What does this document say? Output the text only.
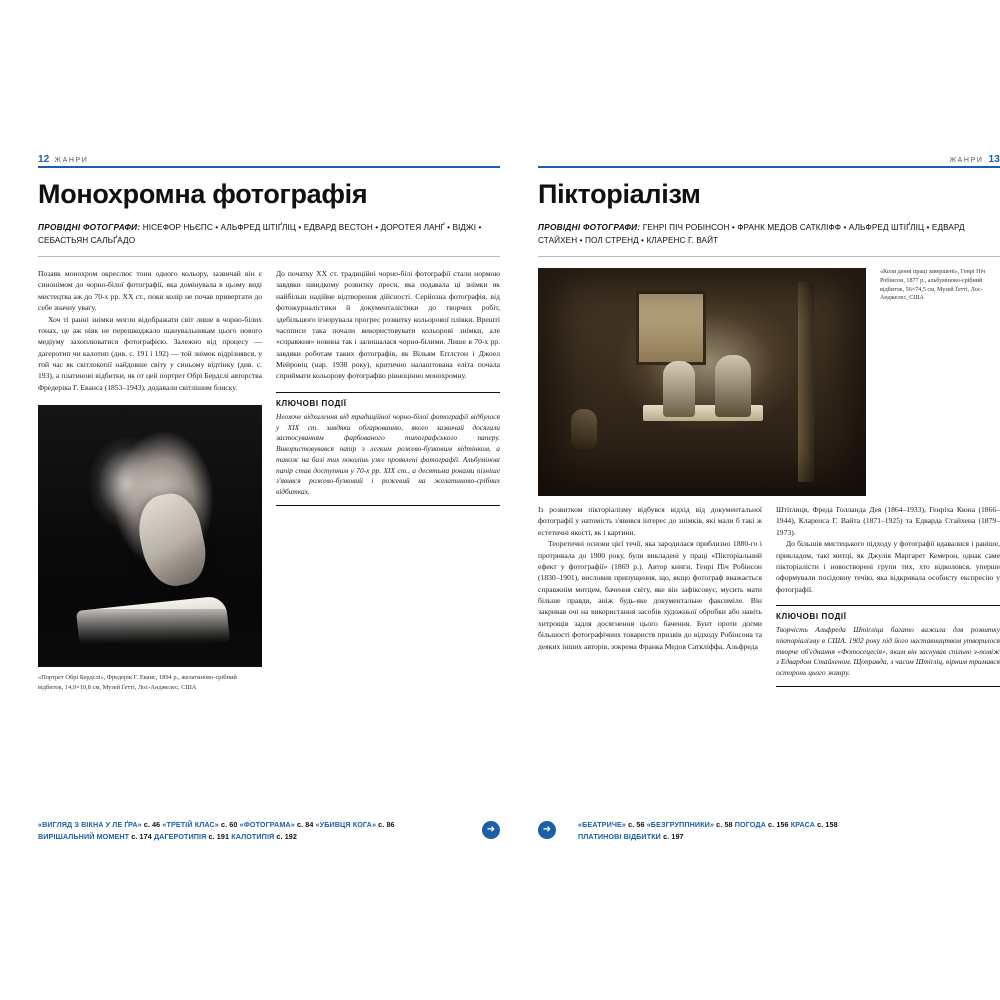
12 ЖАНРИ
Монохромна фотографія
ПРОВІДНІ ФОТОГРАФИ: НІСЕФОР НЬЄПС • АЛЬФРЕД ШТІҐЛІЦ • ЕДВАРД ВЕСТОН • ДОРОТЕЯ ЛАНҐ • ВІДЖІ • СЕБАСТЬЯН САЛЬҐАДО

Позаяк монохром окреслює тони одного кольору, зазвичай він є синонімом до чорно-білої фотографії, яка домінувала в цьому виді мистецтва аж до 70-х рр. XX ст., поки колір не почав привертати до себе значну увагу.

Хоч ті ранні знімки могли відображати світ лише в чорно-білих тонах, це аж ніяк не перешкоджало шанувальникам цього нового медіуму захоплюватися фотографією. Залежно від процесу — дагеротип чи калотип (див. с. 191 і 192) — той знімок відрізнявся, у той час як світлокопії найдовше світу у синьому відтінку (див. с. 193), а платинові відбитки, як от цей портрет Обрі Бердслі авторства Фредеріка Г. Еванса (1853–1943), додавали світлішим блиску.

«Портрет Обрі Бердслі», Фредерік Г. Еванс, 1894 р., желатиново-срібний відбиток, 14,9×10,8 см, Музей Ґетті, Лос-Анджелес, США

До початку XX ст. традиційні чорно-білі фотографії стали нормою завдяки швидкому розвитку преси, яка подавала ці знімки як найбільш надійне відтворення дійсності. Серйозна фотографія, від фотожурналістики й документалістики до творчих робіт, здебільшого ігнорувала прогрес розвитку кольорової плівки. Врешті часописи така почали використовувати кольорові знімки, але «справжня» новина так і залишалася чорно-білими. Лише в 70-х рр. завдяки роботам таких фотографів, як Вільям Еґґлстон і Джоел Мейровіц (нар. 1938 року), критично налаштована еліта почала сприймати кольорову фотографію рівноцінно монохромну.

КЛЮЧОВІ ПОДІЇ

Неохоче відхилення від традиційної чорно-білої фотографії відбулося у XIX ст. завдяки обгарюванню, якого зазвичай досягали застосуванням фарбованого типографського паперу. Використовувався папір з легким рожево-бузковим відтінком, а також на базі тих поколінь уже проявлені фотографії. Альбумінові папір став доступним у 70-х рр. XIX ст., а десятьма роками пізніше з'явився рожево-бузковий і рожевий на желатиново-срібних відбитках.

«ВИГЛЯД З ВІКНА У ЛЕ ҐРА» с. 46 «ТРЕТІЙ КЛАС» с. 60 «ФОТОГРАМА» с. 84 «УБИВЦЯ КОГА» с. 86
ВИРІШАЛЬНИЙ МОМЕНТ с. 174 ДАГЕРОТИПІЯ с. 191 КАЛОТИПІЯ с. 192
➜
ЖАНРИ 13
Пікторіалізм
ПРОВІДНІ ФОТОГРАФИ: ГЕНРІ ПІЧ РОБІНСОН • ФРАНК МЕДОВ САТКЛІФФ • АЛЬФРЕД ШТІҐЛІЦ • ЕДВАРД СТАЙХЕН • ПОЛ СТРЕНД • КЛАРЕНС Г. ВАЙТ
«Коли денні праці завершені», Генрі Піч Робінсон, 1877 р., альбуміново-срібний відбиток, 56×74,5 см, Музей Ґетті, Лос-Анджелес, США

Із розвитком пікторіалізму відбувся відхід від документальної фотографії у натомість з'явився інтерес до знімків, які мали б такі ж естетичні якості, як і картини.

Теоретичні основи цієї течії, яка зародилася приблизно 1880-го і протривала до 1900 року, були викладені у праці «Пікторіальний ефект у фотографії» (1869 р.). Автор книги, Генрі Піч Робінсон (1830–1901), висловив припущення, що, якщо фотограф вважається справжнім митцем, бачення світу, яке він зафіксовує, мусить мати більше правди, аніж будь-яке документальне факсиміле. Він закривав очі на використання засобів художньої обробки або навіть хитрощів задля досягнення цього бачення. Бунт проти догми більшості фотографічних товариств призвів до відходу Робінсона та деяких інших авторів, зокрема Франка Медов Саткліффа, Альфреда

Штіґлиця, Фреда Голланда Дея (1864–1933), Генріха Кюна (1866–1944), Кларенса Г. Вайта (1871–1925) та Едварда Стайхена (1879–1973).

До більшів мистецького підходу у фотографії вдавалися і раніше, прикладом, такі митці, як Джулія Маргарет Кемерон, однак саме пікторіалісти і новостворені групи тих, хто відколовся, уперше оформували посідовну течію, яка відкривала особисту експресію у фотографії.

КЛЮЧОВІ ПОДІЇ

Творчість Альфреда Штіґліца багато важила для розвитку пікторіалізму в США. 1902 року під його наставництвом утворилося творче об'єднання «Фотосецесія», яким він заснував спільно з-поміж з Едвардом Стайхеном. Щоправда, з часом Штіґліц, вірним тримався осторонь цього жанру.

«БЕАТРИЧЕ» с. 56 «БЕЗГРУППНИКИ» с. 58 ПОГОДА с. 156 КРАСА с. 158
ПЛАТИНОВІ ВІДБИТКИ с. 197
➜
